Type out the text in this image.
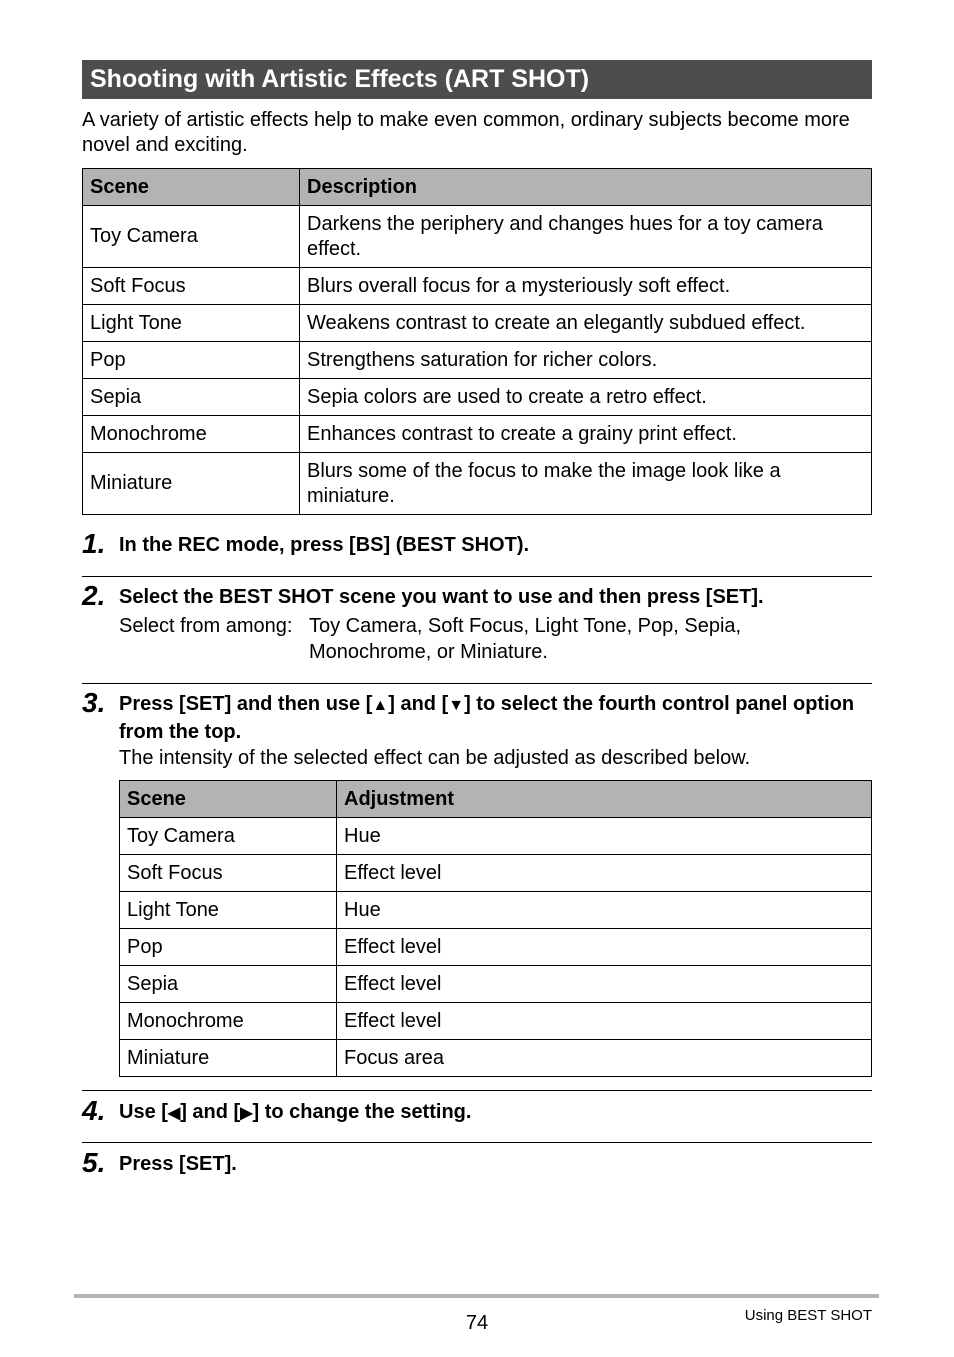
Shooting with Artistic Effects (ART SHOT)
A variety of artistic effects help to make even common, ordinary subjects become more novel and exciting.
Scene	Description
Toy Camera	Darkens the periphery and changes hues for a toy camera effect.
Soft Focus	Blurs overall focus for a mysteriously soft effect.
Light Tone	Weakens contrast to create an elegantly subdued effect.
Pop	Strengthens saturation for richer colors.
Sepia	Sepia colors are used to create a retro effect.
Monochrome	Enhances contrast to create a grainy print effect.
Miniature	Blurs some of the focus to make the image look like a miniature.
1. In the REC mode, press [BS] (BEST SHOT).
2. Select the BEST SHOT scene you want to use and then press [SET].
Select from among: Toy Camera, Soft Focus, Light Tone, Pop, Sepia,
Monochrome, or Miniature.
3. Press [SET] and then use [▲] and [▼] to select the fourth control panel option from the top.
The intensity of the selected effect can be adjusted as described below.
Scene	Adjustment
Toy Camera	Hue
Soft Focus	Effect level
Light Tone	Hue
Pop	Effect level
Sepia	Effect level
Monochrome	Effect level
Miniature	Focus area
4. Use [◀] and [▶] to change the setting.
5. Press [SET].
74	Using BEST SHOT
